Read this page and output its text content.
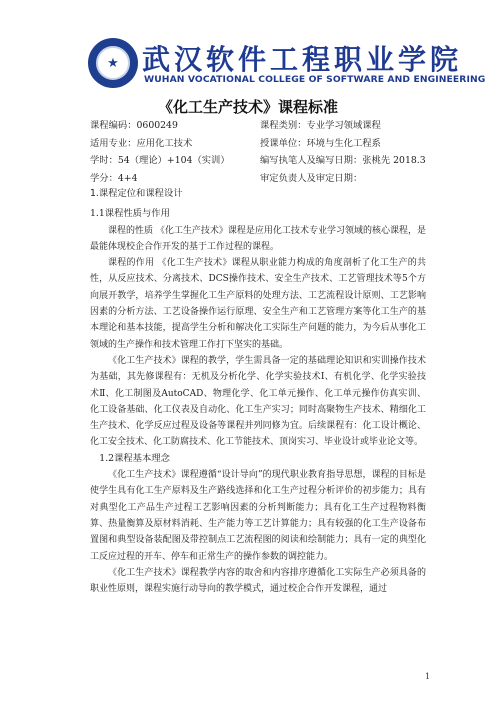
★ 武汉软件工程职业学院
WUHAN VOCATIONAL COLLEGE OF SOFTWARE AND ENGINEERING
《化工生产技术》课程标准
课程编码：0600249	课程类别：专业学习领域课程
适用专业：应用化工技术	授课单位：环境与生化工程系
学时：54（理论）+104（实训）	编写执笔人及编写日期：张桃先 2018.3
学分：4+4	审定负责人及审定日期：

1.课程定位和课程设计

1.1课程性质与作用

课程的性质 《化工生产技术》课程是应用化工技术专业学习领域的核心课程，是最能体现校企合作开发的基于工作过程的课程。

课程的作用 《化工生产技术》课程从职业能力构成的角度剖析了化工生产的共性，从反应技术、分离技术、DCS操作技术、安全生产技术、工艺管理技术等5个方向展开教学，培养学生掌握化工生产原料的处理方法、工艺流程设计原则、工艺影响因素的分析方法、工艺设备操作运行原理、安全生产和工艺管理方案等化工生产的基本理论和基本技能，提高学生分析和解决化工实际生产问题的能力，为今后从事化工领域的生产操作和技术管理工作打下坚实的基础。

《化工生产技术》课程的教学，学生需具备一定的基础理论知识和实训操作技术为基础，其先修课程有：无机及分析化学、化学实验技术Ⅰ、有机化学、化学实验技术Ⅱ、化工制图及AutoCAD、物理化学、化工单元操作、化工单元操作仿真实训、化工设备基础、化工仪表及自动化、化工生产实习；同时高聚物生产技术、精细化工生产技术、化学反应过程及设备等课程并列同修为宜。后续课程有：化工设计概论、化工安全技术、化工防腐技术、化工节能技术、顶岗实习、毕业设计或毕业论文等。

1.2课程基本理念

《化工生产技术》课程遵循“设计导向”的现代职业教育指导思想，课程的目标是使学生具有化工生产原料及生产路线选择和化工生产过程分析评价的初步能力；具有对典型化工产品生产过程工艺影响因素的分析判断能力；具有化工生产过程物料衡算、热量衡算及原材料消耗、生产能力等工艺计算能力；具有较强的化工生产设备布置图和典型设备装配图及带控制点工艺流程图的阅读和绘制能力；具有一定的典型化工反应过程的开车、停车和正常生产的操作参数的调控能力。

《化工生产技术》课程教学内容的取舍和内容排序遵循化工实际生产必须具备的职业性原则，课程实施行动导向的教学模式，通过校企合作开发课程，通过

1
